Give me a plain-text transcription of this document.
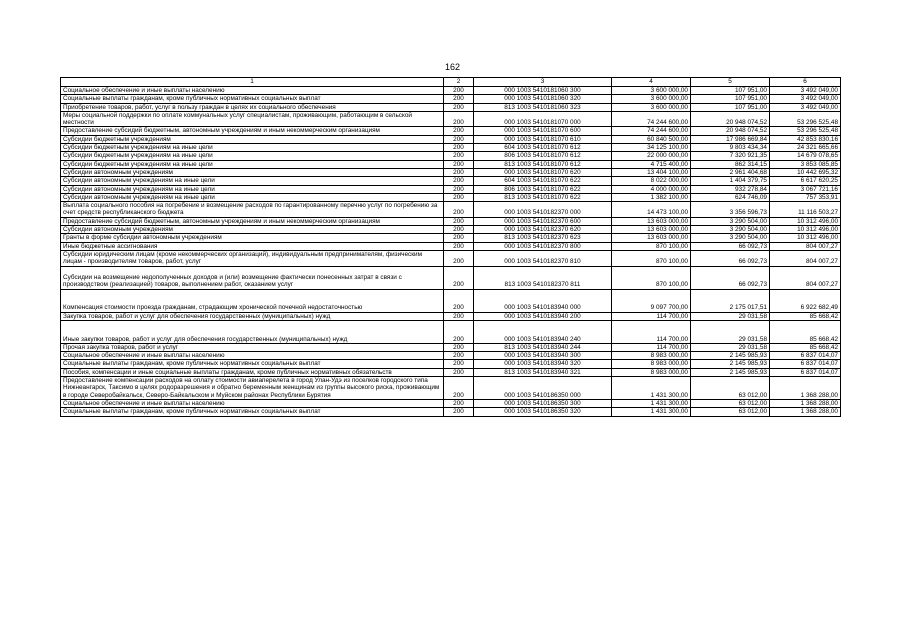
162
1	2	3	4	5	6
Социальное обеспечение и иные выплаты населению	200	000 1003 5410181060 300	3 600 000,00	107 951,00	3 492 049,00
Социальные выплаты гражданам, кроме публичных нормативных социальных выплат	200	000 1003 5410181060 320	3 600 000,00	107 951,00	3 492 049,00
Приобретение товаров, работ, услуг в пользу граждан в целях их социального обеспечения	200	813 1003 5410181060 323	3 600 000,00	107 951,00	3 492 049,00
Меры социальной поддержки по оплате коммунальных услуг специалистам, проживающим, работающим в сельской местности	200	000 1003 5410181070 000	74 244 600,00	20 948 074,52	53 296 525,48
Предоставление субсидий бюджетным, автономным учреждениям и иным некоммерческим организациям	200	000 1003 5410181070 600	74 244 600,00	20 948 074,52	53 296 525,48
Субсидии бюджетным учреждениям	200	000 1003 5410181070 610	60 840 500,00	17 986 669,84	42 853 830,16
Субсидии бюджетным учреждениям на иные цели	200	604 1003 5410181070 612	34 125 100,00	9 803 434,34	24 321 665,66
Субсидии бюджетным учреждениям на иные цели	200	806 1003 5410181070 612	22 000 000,00	7 320 921,35	14 679 078,65
Субсидии бюджетным учреждениям на иные цели	200	813 1003 5410181070 612	4 715 400,00	862 314,15	3 853 085,85
Субсидии автономным учреждениям	200	000 1003 5410181070 620	13 404 100,00	2 961 404,68	10 442 695,32
Субсидии автономным учреждениям на иные цели	200	604 1003 5410181070 622	8 022 000,00	1 404 379,75	6 617 620,25
Субсидии автономным учреждениям на иные цели	200	806 1003 5410181070 622	4 000 000,00	932 278,84	3 067 721,16
Субсидии автономным учреждениям на иные цели	200	813 1003 5410181070 622	1 382 100,00	624 746,09	757 353,91
Выплата социального пособия на погребение и возмещение расходов по гарантированному перечню услуг по погребению за счет средств республиканского бюджета	200	000 1003 5410182370 000	14 473 100,00	3 356 596,73	11 116 503,27
Предоставление субсидий бюджетным, автономным учреждениям и иным некоммерческим организациям	200	000 1003 5410182370 600	13 603 000,00	3 290 504,00	10 312 496,00
Субсидии автономным учреждениям	200	000 1003 5410182370 620	13 603 000,00	3 290 504,00	10 312 496,00
Гранты в форме субсидии автономным учреждениям	200	813 1003 5410182370 623	13 603 000,00	3 290 504,00	10 312 496,00
Иные бюджетные ассигнования	200	000 1003 5410182370 800	870 100,00	66 092,73	804 007,27
Субсидии юридическим лицам (кроме некоммерческих организаций), индивидуальным предпринимателям, физическим лицам - производителям товаров, работ, услуг	200	000 1003 5410182370 810	870 100,00	66 092,73	804 007,27
Субсидии на возмещение недополученных доходов и (или) возмещение фактически понесенных затрат в связи с производством (реализацией) товаров, выполнением работ, оказанием услуг	200	813 1003 5410182370 811	870 100,00	66 092,73	804 007,27
Компенсация стоимости проезда гражданам, страдающим хронической почечной недостаточностью	200	000 1003 5410183940 000	9 097 700,00	2 175 017,51	6 922 682,49
Закупка товаров, работ и услуг для обеспечения государственных (муниципальных) нужд	200	000 1003 5410183940 200	114 700,00	29 031,58	85 668,42
Иные закупки товаров, работ и услуг для обеспечения государственных (муниципальных) нужд	200	000 1003 5410183940 240	114 700,00	29 031,58	85 668,42
Прочая закупка товаров, работ и услуг	200	813 1003 5410183940 244	114 700,00	29 031,58	85 668,42
Социальное обеспечение и иные выплаты населению	200	000 1003 5410183940 300	8 983 000,00	2 145 985,93	6 837 014,07
Социальные выплаты гражданам, кроме публичных нормативных социальных выплат	200	000 1003 5410183940 320	8 983 000,00	2 145 985,93	6 837 014,07
Пособия, компенсации и иные социальные выплаты гражданам, кроме публичных нормативных обязательств	200	813 1003 5410183940 321	8 983 000,00	2 145 985,93	6 837 014,07
Предоставление компенсации расходов на оплату стоимости авиаперелета в город Улан-Удэ из поселков городского типа Нижнеангарск, Таксимо в целях родоразрешения и обратно беременным женщинам из группы высокого риска, проживающим в городе Северобайкальск, Северо-Байкальском и Муйском районах Республики Бурятия	200	000 1003 5410186350 000	1 431 300,00	63 012,00	1 368 288,00
Социальное обеспечение и иные выплаты населению	200	000 1003 5410186350 300	1 431 300,00	63 012,00	1 368 288,00
Социальные выплаты гражданам, кроме публичных нормативных социальных выплат	200	000 1003 5410186350 320	1 431 300,00	63 012,00	1 368 288,00
